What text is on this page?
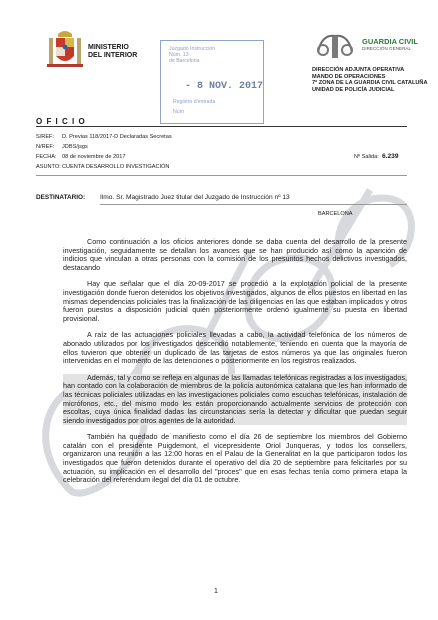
MINISTERIO
DEL INTERIOR
Juzgado Instrucción
Núm. 13
de Barcelona
- 8 NOV. 2017
Registro d'entrada
Núm
GUARDIA CIVIL
DIRECCIÓN GENERAL
DIRECCIÓN ADJUNTA OPERATIVA
MANDO DE OPERACIONES
7ª ZONA DE LA GUARDIA CIVIL CATALUÑA
UNIDAD DE POLICÍA JUDICIAL
O F I C I O
S/REF: D. Previas 118/2017-D Declaradas Secretas
N/REF: JDBS/jsgs
FECHA: 08 de noviembre de 2017	Nº Salida: 6.239
ASUNTO: CUENTA DESARROLLO INVESTIGACIÓN
DESTINATARIO: Ilmo. Sr. Magistrado Juez titular del Juzgado de Instrucción nº 13
BARCELONA

Como continuación a los oficios anteriores donde se daba cuenta del desarrollo de la presente investigación, seguidamente se detallan los avances que se han producido así como la aparición de indicios que vinculan a otras personas con la comisión de los presuntos hechos delictivos investigados, destacando

Hay que señalar que el día 20-09-2017 se procedió a la explotación policial de la presente investigación donde fueron detenidos los objetivos investigados, algunos de ellos puestos en libertad en las mismas dependencias policiales tras la finalización de las diligencias en las que estaban implicados y otros fueron puestos a disposición judicial quién posteriormente ordenó igualmente su puesta en libertad provisional.

A raíz de las actuaciones policiales llevadas a cabo, la actividad telefónica de los números de abonado utilizados por los investigados descendió notablemente, teniendo en cuenta que la mayoría de ellos tuvieron que obtener un duplicado de las tarjetas de estos números ya que las originales fueron intervenidas en el momento de las detenciones o posteriormente en los registros realizados.

Además, tal y como se refleja en algunas de las llamadas telefónicas registradas a los investigados, han contado con la colaboración de miembros de la policía autonómica catalana que les han informado de las técnicas policiales utilizadas en las investigaciones policiales como escuchas telefónicas, instalación de micrófonos, etc., del mismo modo les están proporcionando actualmente servicios de protección con escoltas, cuya única finalidad dadas las circunstancias sería la detectar y dificultar que puedan seguir siendo investigados por otros agentes de la autoridad.

También ha quedado de manifiesto como el día 26 de septiembre los miembros del Gobierno catalán con el presidente Puigdemont, el vicepresidente Oriol Junqueras, y todos los consellers, organizaron una reunión a las 12:00 horas en el Palau de la Generalitat en la que participaron todos los investigados que fueron detenidos durante el operativo del día 20 de septiembre para felicitarles por su actuación, su implicación en el desarrollo del "proces" que en esas fechas tenía como primera etapa la celebración del referéndum ilegal del día 01 de octubre.

1
